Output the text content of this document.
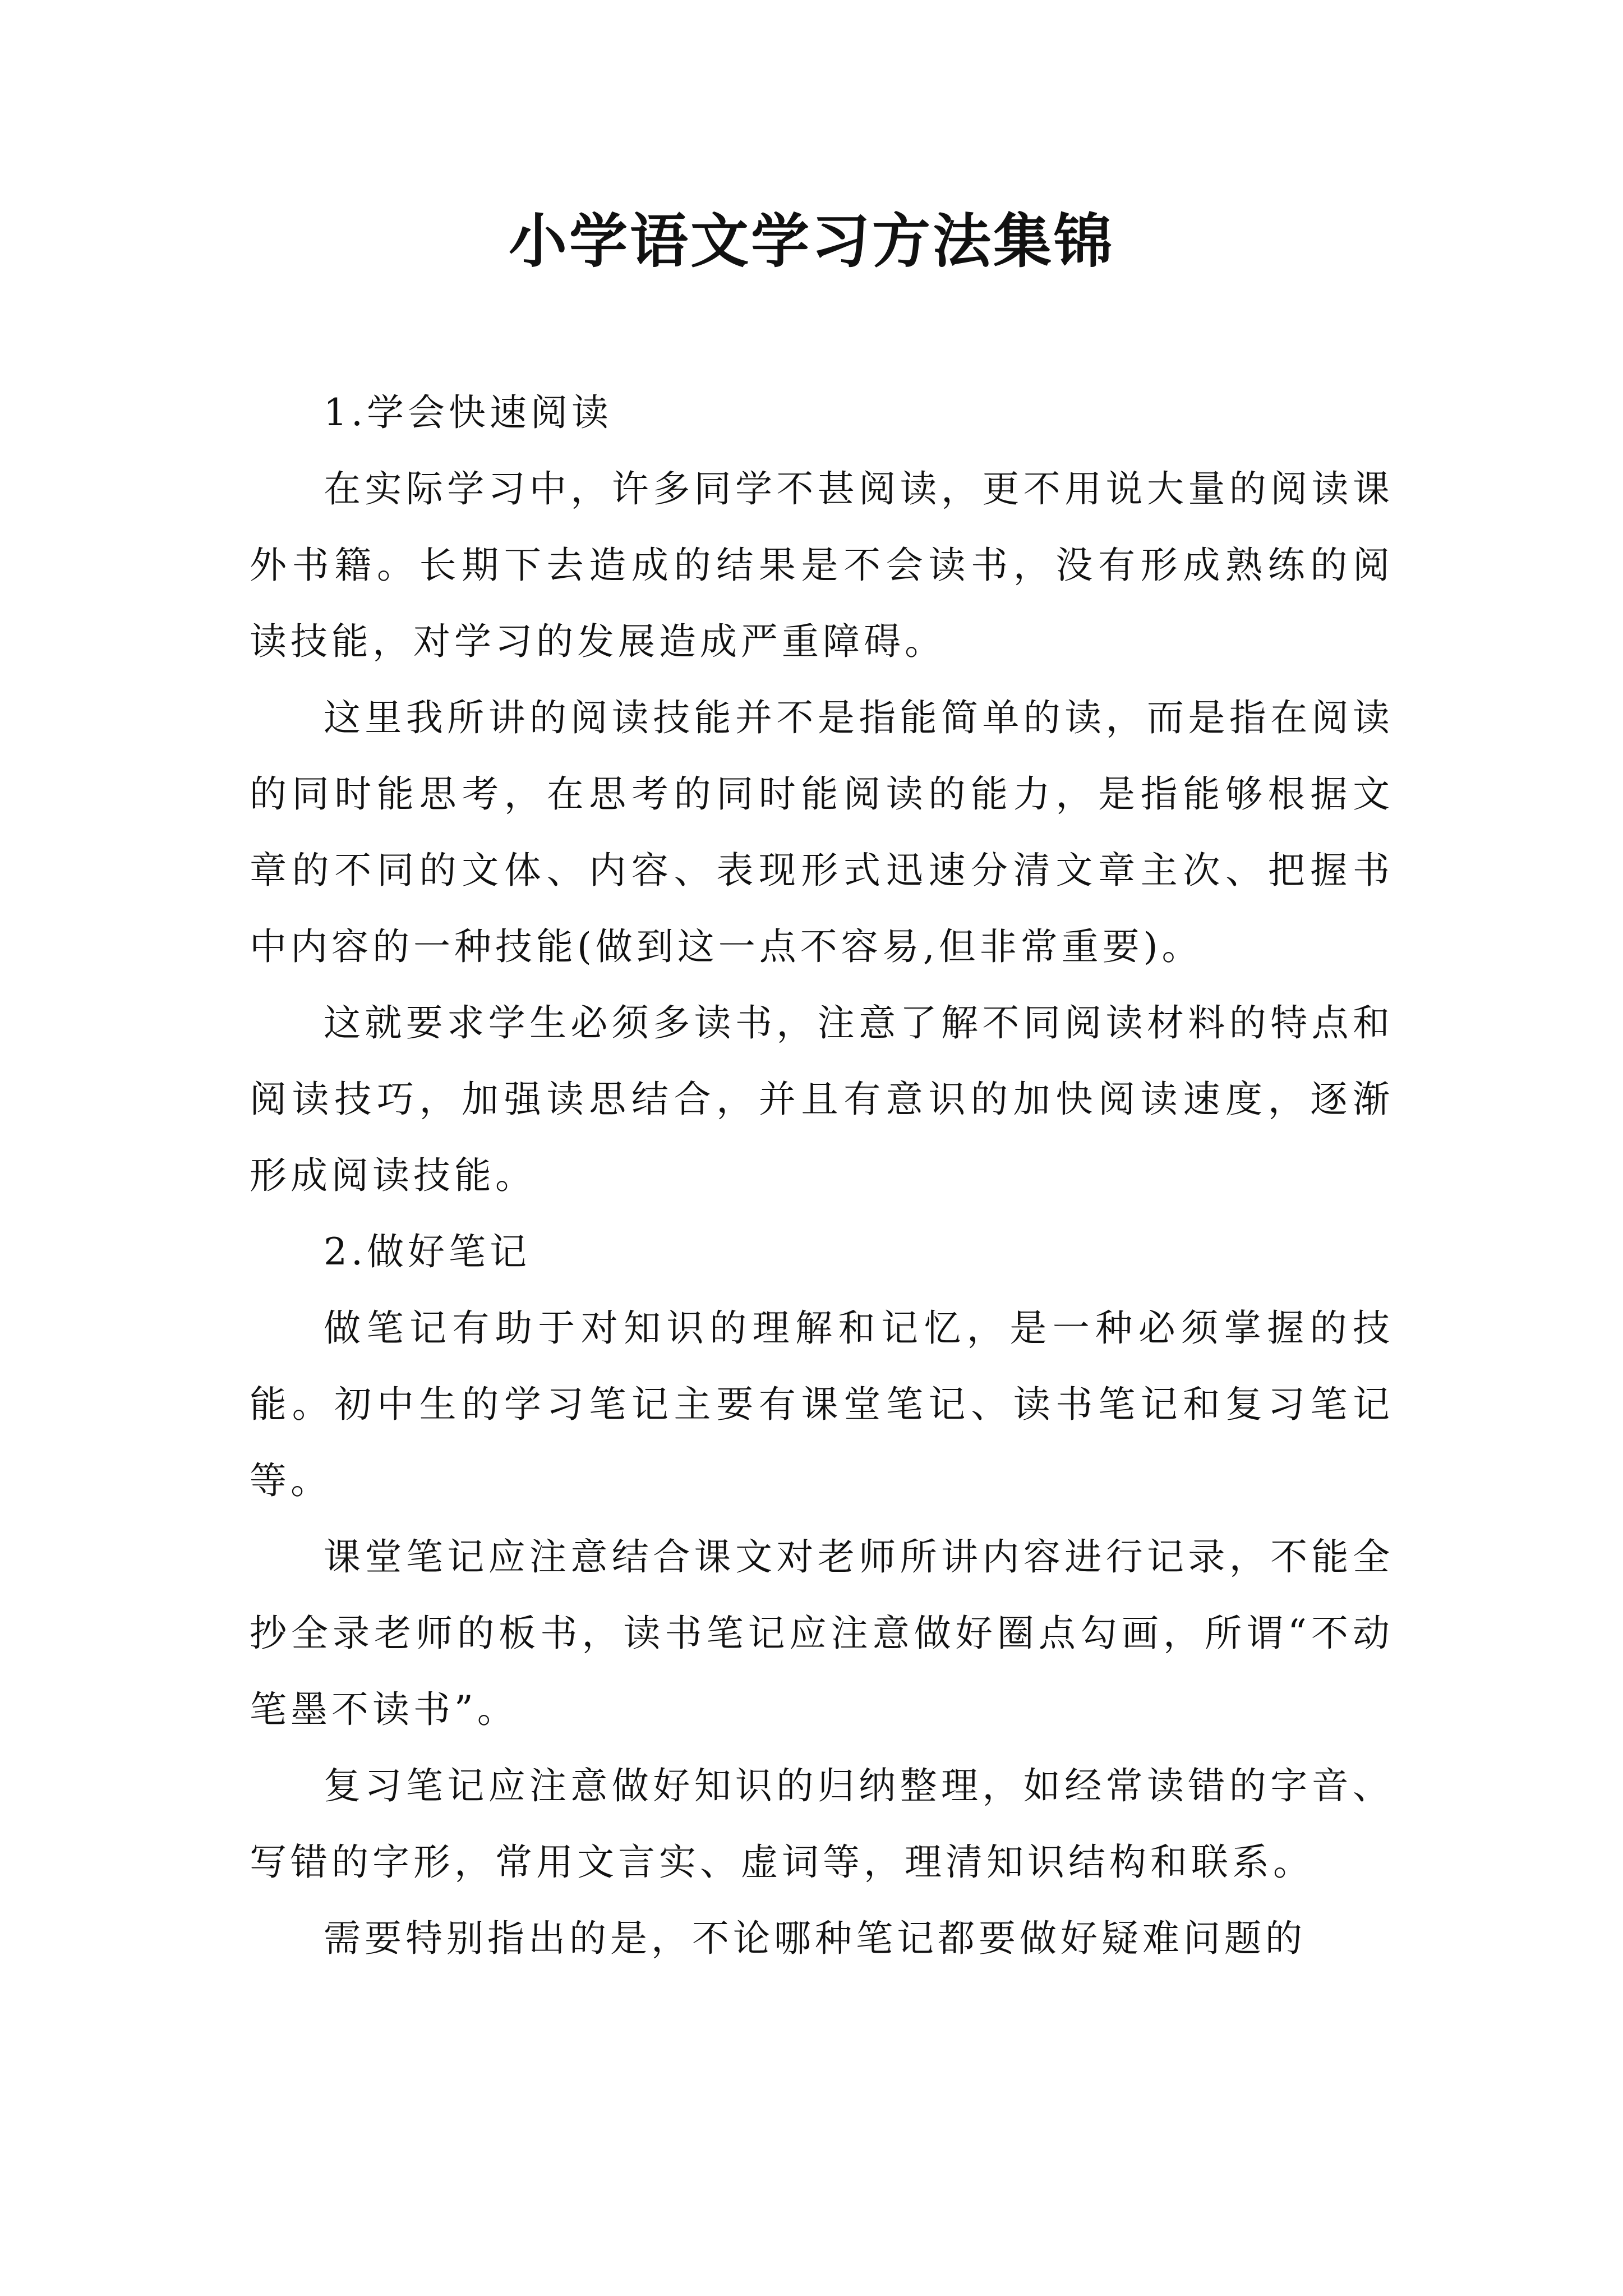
小学语文学习方法集锦

1.学会快速阅读

在实际学习中，许多同学不甚阅读，更不用说大量的阅读课外书籍。长期下去造成的结果是不会读书，没有形成熟练的阅读技能，对学习的发展造成严重障碍。

这里我所讲的阅读技能并不是指能简单的读，而是指在阅读的同时能思考，在思考的同时能阅读的能力，是指能够根据文章的不同的文体、内容、表现形式迅速分清文章主次、把握书中内容的一种技能(做到这一点不容易,但非常重要)。

这就要求学生必须多读书，注意了解不同阅读材料的特点和阅读技巧，加强读思结合，并且有意识的加快阅读速度，逐渐形成阅读技能。

2.做好笔记

做笔记有助于对知识的理解和记忆，是一种必须掌握的技能。初中生的学习笔记主要有课堂笔记、读书笔记和复习笔记等。

课堂笔记应注意结合课文对老师所讲内容进行记录，不能全抄全录老师的板书，读书笔记应注意做好圈点勾画，所谓“不动笔墨不读书”。

复习笔记应注意做好知识的归纳整理，如经常读错的字音、写错的字形，常用文言实、虚词等，理清知识结构和联系。

需要特别指出的是，不论哪种笔记都要做好疑难问题的
